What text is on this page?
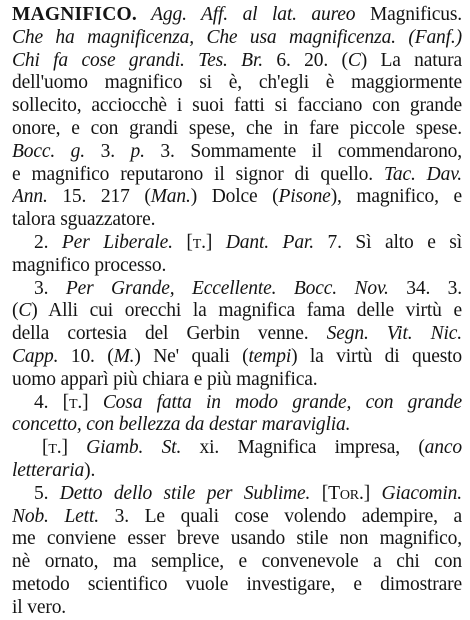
MAGNIFICO. Agg. Aff. al lat. aureo Magnificus.
Che ha magnificenza, Che usa magnificenza. (Fanf.)
Chi fa cose grandi. Tes. Br. 6. 20. (C) La natura
dell'uomo magnifico si è, ch'egli è maggiormente
sollecito, acciocchè i suoi fatti si facciano con grande
onore, e con grandi spese, che in fare piccole spese.
Bocc. g. 3. p. 3. Sommamente il commendarono,
e magnifico reputarono il signor di quello. Tac. Dav.
Ann. 15. 217 (Man.) Dolce (Pisone), magnifico, e
talora sguazzatore.
2. Per Liberale. [t.] Dant. Par. 7. Sì alto e sì
magnifico processo.
3. Per Grande, Eccellente. Bocc. Nov. 34. 3.
(C) Alli cui orecchi la magnifica fama delle virtù e
della cortesia del Gerbin venne. Segn. Vit. Nic.
Capp. 10. (M.) Ne' quali (tempi) la virtù di questo
uomo apparì più chiara e più magnifica.
4. [t.] Cosa fatta in modo grande, con grande
concetto, con bellezza da destar maraviglia.
[t.] Giamb. St. xi. Magnifica impresa, (anco
letteraria).
5. Detto dello stile per Sublime. [Tor.] Giacomin.
Nob. Lett. 3. Le quali cose volendo adempire, a
me conviene esser breve usando stile non magnifico,
nè ornato, ma semplice, e convenevole a chi con
metodo scientifico vuole investigare, e dimostrare
il vero.
